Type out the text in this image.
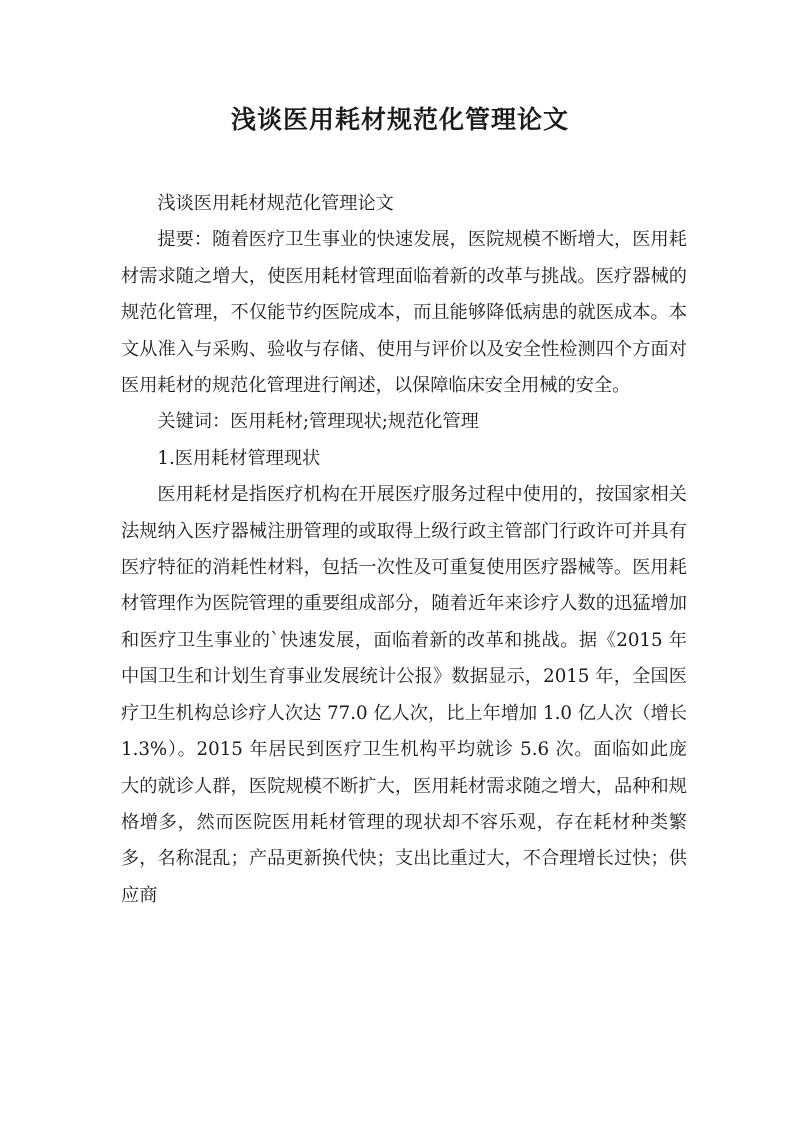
浅谈医用耗材规范化管理论文

浅谈医用耗材规范化管理论文

提要：随着医疗卫生事业的快速发展，医院规模不断增大，医用耗材需求随之增大，使医用耗材管理面临着新的改革与挑战。医疗器械的规范化管理，不仅能节约医院成本，而且能够降低病患的就医成本。本文从准入与采购、验收与存储、使用与评价以及安全性检测四个方面对医用耗材的规范化管理进行阐述，以保障临床安全用械的安全。

关键词：医用耗材;管理现状;规范化管理

1.医用耗材管理现状

医用耗材是指医疗机构在开展医疗服务过程中使用的，按国家相关法规纳入医疗器械注册管理的或取得上级行政主管部门行政许可并具有医疗特征的消耗性材料，包括一次性及可重复使用医疗器械等。医用耗材管理作为医院管理的重要组成部分，随着近年来诊疗人数的迅猛增加和医疗卫生事业的`快速发展，面临着新的改革和挑战。据《2015 年中国卫生和计划生育事业发展统计公报》数据显示，2015 年，全国医疗卫生机构总诊疗人次达 77.0 亿人次，比上年增加 1.0 亿人次（增长 1.3%）。2015 年居民到医疗卫生机构平均就诊 5.6 次。面临如此庞大的就诊人群，医院规模不断扩大，医用耗材需求随之增大，品种和规格增多，然而医院医用耗材管理的现状却不容乐观，存在耗材种类繁多，名称混乱；产品更新换代快；支出比重过大，不合理增长过快；供应商
